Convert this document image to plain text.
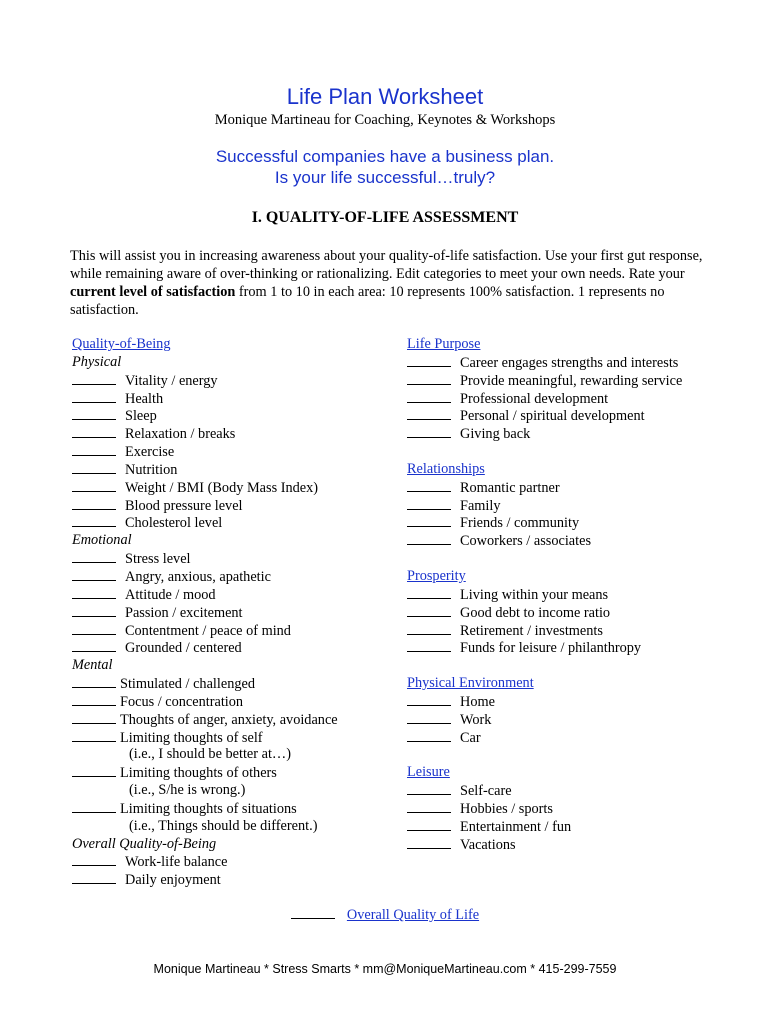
Life Plan Worksheet
Monique Martineau for Coaching, Keynotes & Workshops
Successful companies have a business plan.
Is your life successful…truly?
I. QUALITY-OF-LIFE ASSESSMENT
This will assist you in increasing awareness about your quality-of-life satisfaction. Use your first gut response, while remaining aware of over-thinking or rationalizing. Edit categories to meet your own needs. Rate your current level of satisfaction from 1 to 10 in each area: 10 represents 100% satisfaction. 1 represents no satisfaction.
Quality-of-Being
Physical
Vitality / energy
Health
Sleep
Relaxation / breaks
Exercise
Nutrition
Weight / BMI (Body Mass Index)
Blood pressure level
Cholesterol level
Emotional
Stress level
Angry, anxious, apathetic
Attitude / mood
Passion / excitement
Contentment / peace of mind
Grounded / centered
Mental
Stimulated / challenged
Focus / concentration
Thoughts of anger, anxiety, avoidance
Limiting thoughts of self
(i.e., I should be better at…)
Limiting thoughts of others
(i.e., S/he is wrong.)
Limiting thoughts of situations
(i.e., Things should be different.)
Overall Quality-of-Being
Work-life balance
Daily enjoyment
Life Purpose
Career engages strengths and interests
Provide meaningful, rewarding service
Professional development
Personal / spiritual development
Giving back
Relationships
Romantic partner
Family
Friends / community
Coworkers / associates
Prosperity
Living within your means
Good debt to income ratio
Retirement / investments
Funds for leisure / philanthropy
Physical Environment
Home
Work
Car
Leisure
Self-care
Hobbies / sports
Entertainment / fun
Vacations
Overall Quality of Life
Monique Martineau * Stress Smarts * mm@MoniqueMartineau.com * 415-299-7559
